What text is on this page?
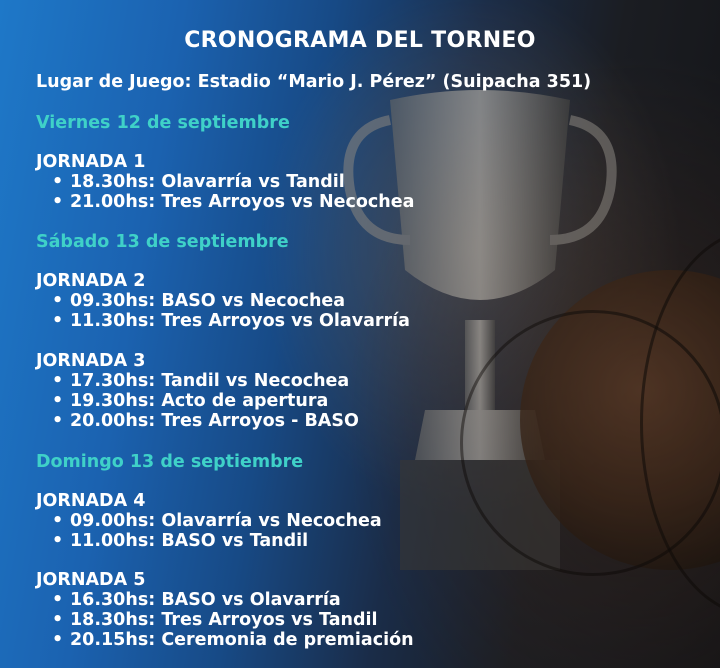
CRONOGRAMA DEL TORNEO
Lugar de Juego: Estadio “Mario J. Pérez” (Suipacha 351)
Viernes 12 de septiembre
JORNADA 1
• 18.30hs: Olavarría vs Tandil
• 21.00hs: Tres Arroyos vs Necochea
Sábado 13 de septiembre
JORNADA 2
• 09.30hs: BASO vs Necochea
• 11.30hs: Tres Arroyos vs Olavarría
JORNADA 3
• 17.30hs: Tandil vs Necochea
• 19.30hs: Acto de apertura
• 20.00hs: Tres Arroyos - BASO
Domingo 13 de septiembre
JORNADA 4
• 09.00hs: Olavarría vs Necochea
• 11.00hs: BASO vs Tandil
JORNADA 5
• 16.30hs: BASO vs Olavarría
• 18.30hs: Tres Arroyos vs Tandil
• 20.15hs: Ceremonia de premiación
